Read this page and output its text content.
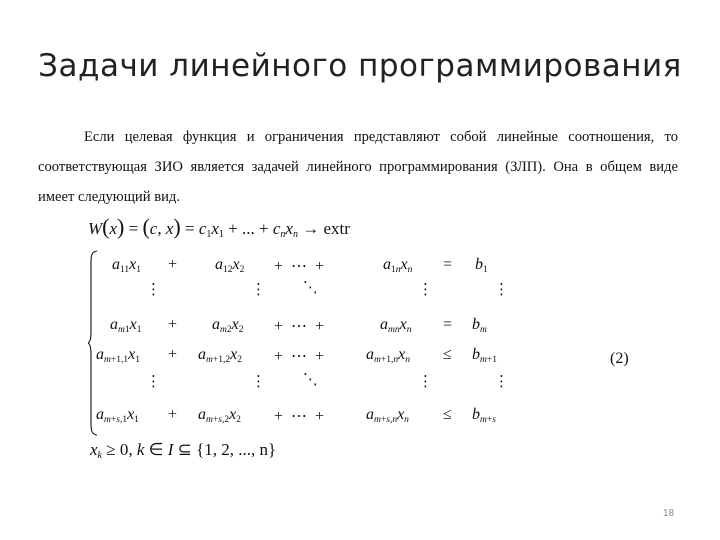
Задачи линейного программирования
Если целевая функция и ограничения представляют собой линейные соотношения, то соответствующая ЗИО является задачей линейного программирования (ЗЛП). Она в общем виде имеет следующий вид.
W(x) = (c, $x) = c_1x_1$ + ... + $c_nx_n$ → extr
$a_{11}x_1 + a_{12}x_2$ +  ⋯  +	$a_{1n}x_n = b_1$
⋮	⋮ ⋱	⋮	⋮
$a_{m1}x_1 + a_{m2}x_2$ +  ⋯  +	$a_{mn}x_n = b_m$
$a_{m+1,1}x_1 + a_{m+1,2}x_2$ +  ⋯  +	$a_{m+1,n}x_n \le b_{m+1}$
⋮	⋮ ⋱	⋮	⋮
$a_{m+s,1}x_1 + a_{m+s,2}x_2$ +  ⋯  +	$a_{m+s,n}x_n \le b_{m+s}$
(2)
$x_k \ge 0$, k ∈ I ⊆ {1, 2, ..., n}
18
